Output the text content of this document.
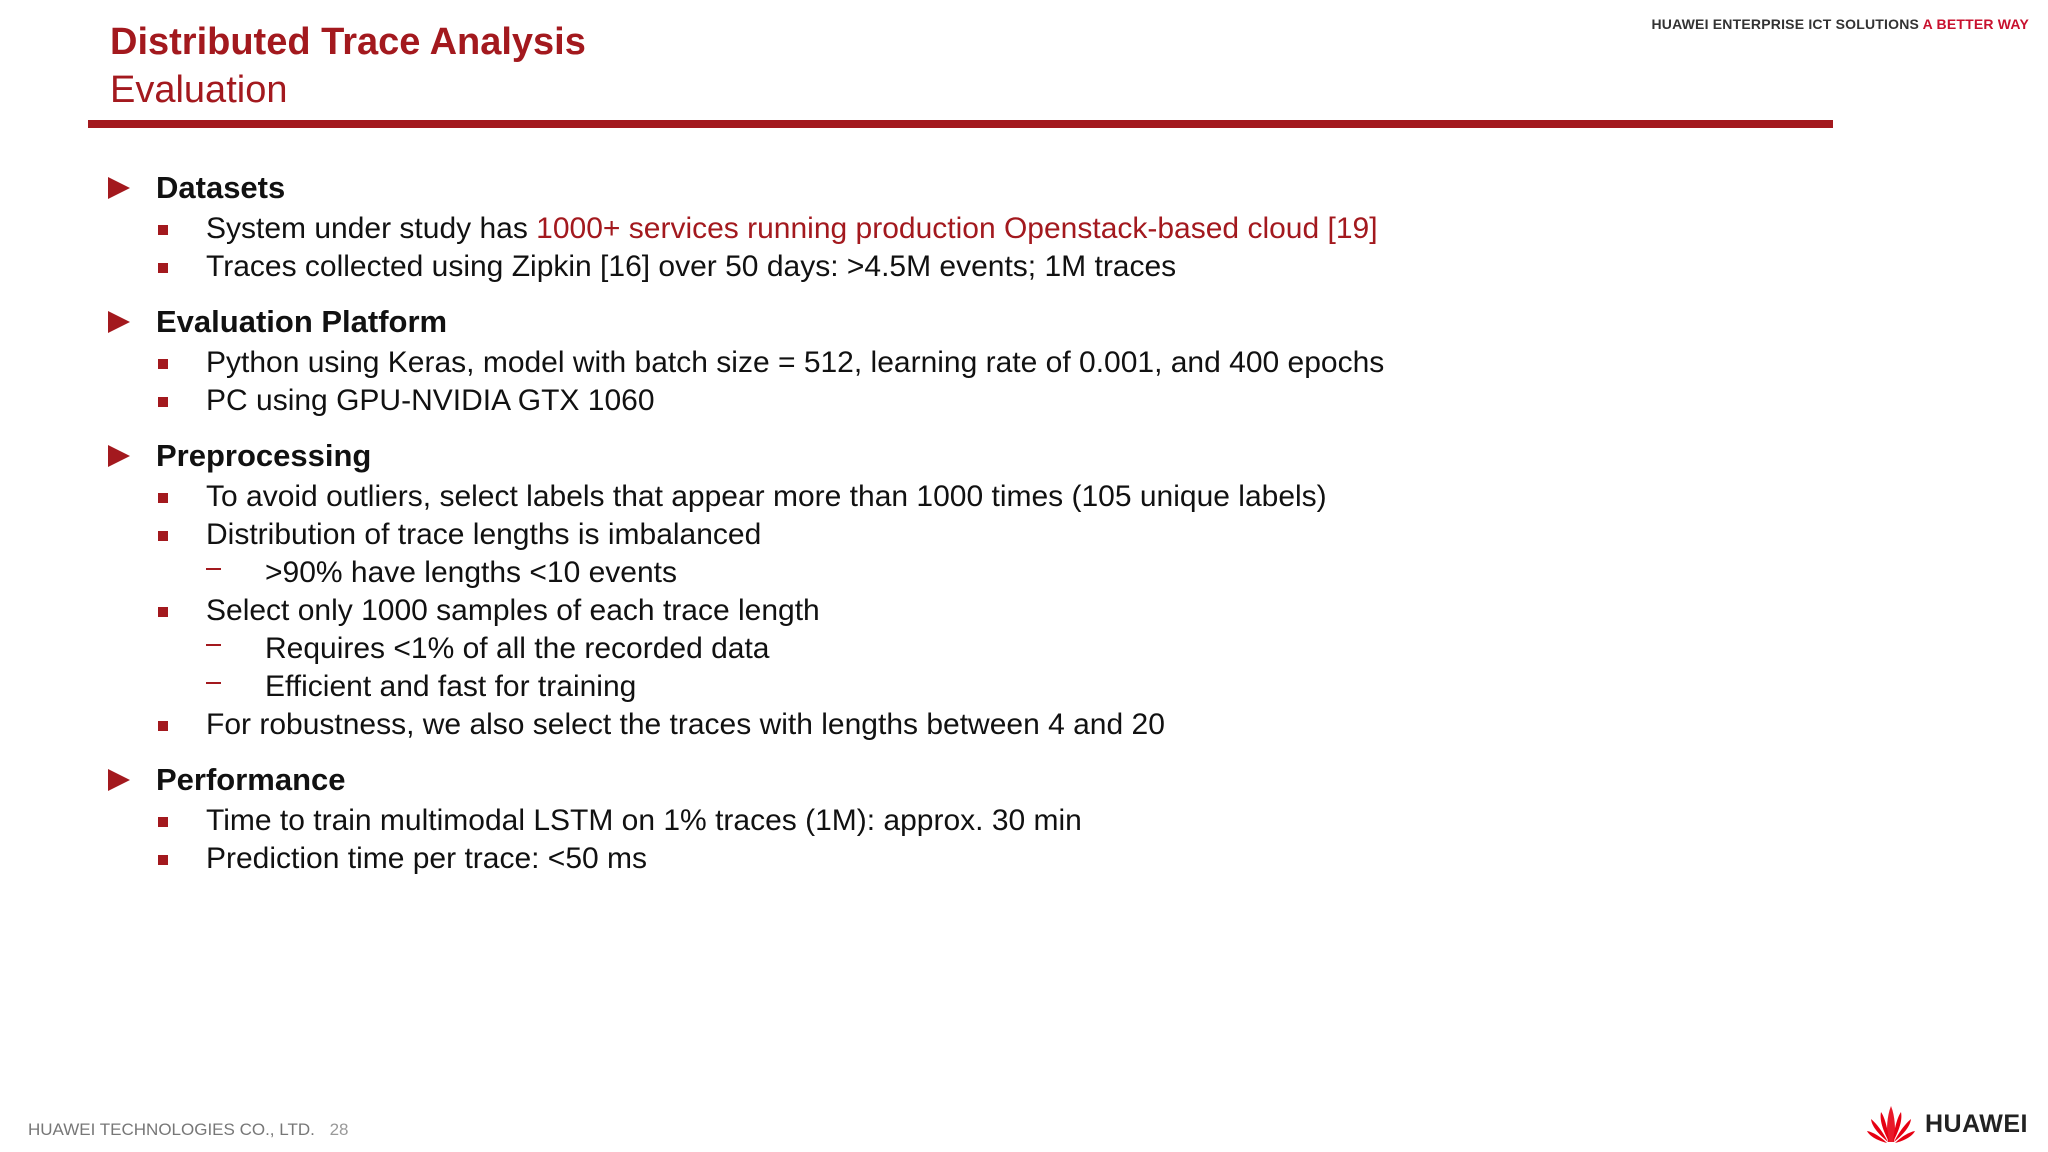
Distributed Trace Analysis
Evaluation
HUAWEI ENTERPRISE ICT SOLUTIONS A BETTER WAY
Datasets
System under study has 1000+ services running production Openstack-based cloud [19]
Traces collected using Zipkin [16] over 50 days: >4.5M events; 1M traces
Evaluation Platform
Python using Keras, model with batch size = 512, learning rate of 0.001, and 400 epochs
PC using GPU-NVIDIA GTX 1060
Preprocessing
To avoid outliers, select labels that appear more than 1000 times (105 unique labels)
Distribution of trace lengths is imbalanced
>90% have lengths <10 events
Select only 1000 samples of each trace length
Requires <1% of all the recorded data
Efficient and fast for training
For robustness, we also select the traces with lengths between 4 and 20
Performance
Time to train multimodal LSTM on 1% traces (1M): approx. 30 min
Prediction time per trace: <50 ms
HUAWEI TECHNOLOGIES CO., LTD. 28	HUAWEI
